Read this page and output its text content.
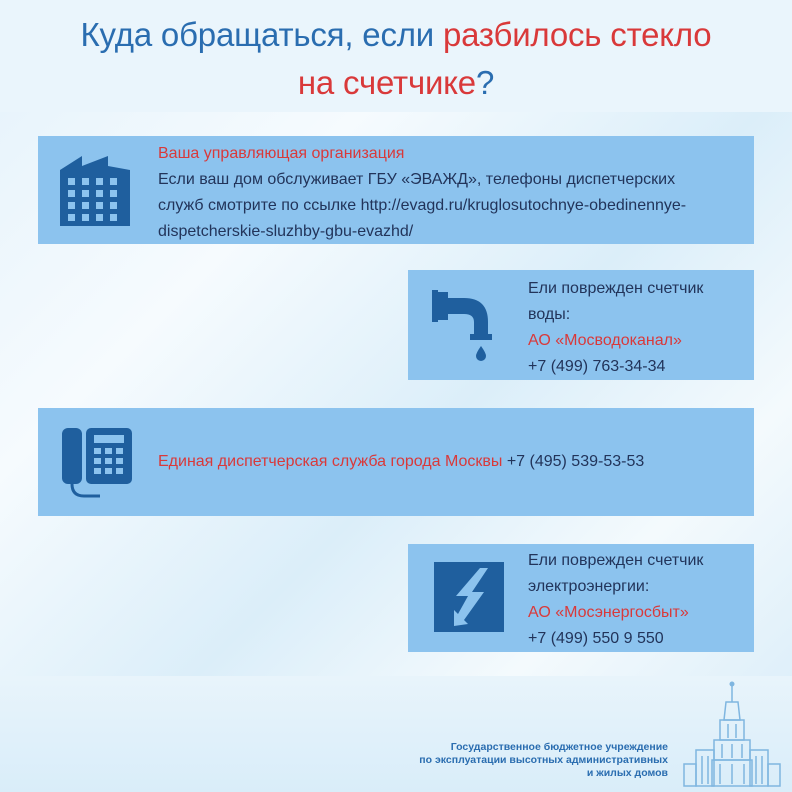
Куда обращаться, если разбилось стекло
на счетчике?
Ваша управляющая организация
Если ваш дом обслуживает ГБУ «ЭВАЖД», телефоны диспетчерских
служб смотрите по ссылке http://evagd.ru/kruglosutochnye-obedinennye-
dispetcherskie-sluzhby-gbu-evazhd/
Ели поврежден счетчик
воды:
АО «Мосводоканал»
+7 (499) 763-34-34
Единая диспетчерская служба города Москвы +7 (495) 539-53-53
Ели поврежден счетчик
электроэнергии:
АО «Мосэнергосбыт»
+7 (499) 550 9 550
Государственное бюджетное учреждение
по эксплуатации высотных административных
и жилых домов
